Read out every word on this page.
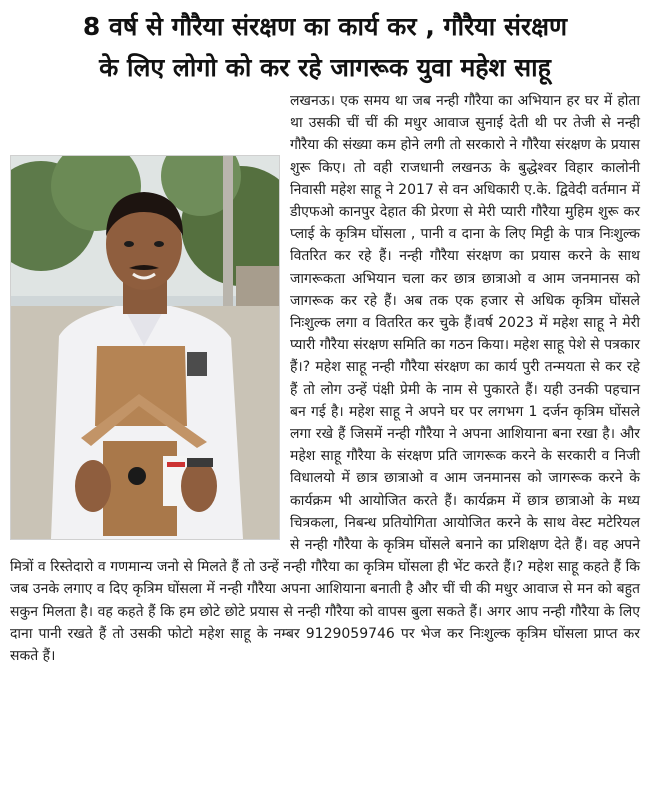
8 वर्ष से गौरैया संरक्षण का कार्य कर , गौरैया संरक्षण
के लिए लोगो को कर रहे जागरूक युवा महेश साहू

लखनऊ। एक समय था जब नन्ही गौरैया का अभियान हर घर में होता था उसकी चीं चीं की मधुर आवाज सुनाई देती थी पर तेजी से नन्ही गौरैया की संख्या कम होने लगी तो सरकारो ने गौरैया संरक्षण के प्रयास शुरू किए। तो वही राजधानी लखनऊ के बुद्धेश्वर विहार कालोनी निवासी महेश साहू ने 2017 से वन अधिकारी ए.के. द्विवेदी वर्तमान में डीएफओ कानपुर देहात की प्रेरणा से मेरी प्यारी गौरैया मुहिम शुरू कर प्लाई के कृत्रिम घोंसला , पानी व दाना के लिए मिट्टी के पात्र निःशुल्क वितरित कर रहे हैं। नन्ही गौरैया संरक्षण का प्रयास करने के साथ जागरूकता अभियान चला कर छात्र छात्राओ व आम जनमानस को जागरूक कर रहे हैं। अब तक एक हजार से अधिक कृत्रिम घोंसले निःशुल्क लगा व वितरित कर चुके हैं।वर्ष 2023 में महेश साहू ने मेरी प्यारी गौरैया संरक्षण समिति का गठन किया। महेश साहू पेशे से पत्रकार हैं।? महेश साहू नन्ही गौरैया संरक्षण का कार्य पुरी तन्मयता से कर रहे हैं तो लोग उन्हें पंक्षी प्रेमी के नाम से पुकारते हैं। यही उनकी पहचान बन गई है। महेश साहू ने अपने घर पर लगभग 1 दर्जन कृत्रिम घोंसले लगा रखे हैं जिसमें नन्ही गौरैया ने अपना आशियाना बना रखा है। और महेश साहू गौरैया के संरक्षण प्रति जागरूक करने के सरकारी व निजी विधालयो में छात्र छात्राओ व आम जनमानस को जागरूक करने के कार्यक्रम भी आयोजित करते हैं। कार्यक्रम में छात्र छात्राओ के मध्य चित्रकला, निबन्ध प्रतियोगिता आयोजित करने के साथ वेस्ट मटेरियल से नन्ही गौरैया के कृत्रिम घोंसले बनाने का प्रशिक्षण देते हैं। वह अपने मित्रों व रिस्तेदारो व गणमान्य जनो से मिलते हैं तो उन्हें नन्ही गौरैया का कृत्रिम घोंसला ही भेंट करते हैं।? महेश साहू कहते हैं कि जब उनके लगाए व दिए कृत्रिम घोंसला में नन्ही गौरैया अपना आशियाना बनाती है और चीं ची की मधुर आवाज से मन को बहुत सकुन मिलता है। वह कहते हैं कि हम छोटे छोटे प्रयास से नन्ही गौरैया को वापस बुला सकते हैं। अगर आप नन्ही गौरैया के लिए दाना पानी रखते हैं तो उसकी फोटो महेश साहू के नम्बर 9129059746 पर भेज कर निःशुल्क कृत्रिम घोंसला प्राप्त कर सकते हैं।
